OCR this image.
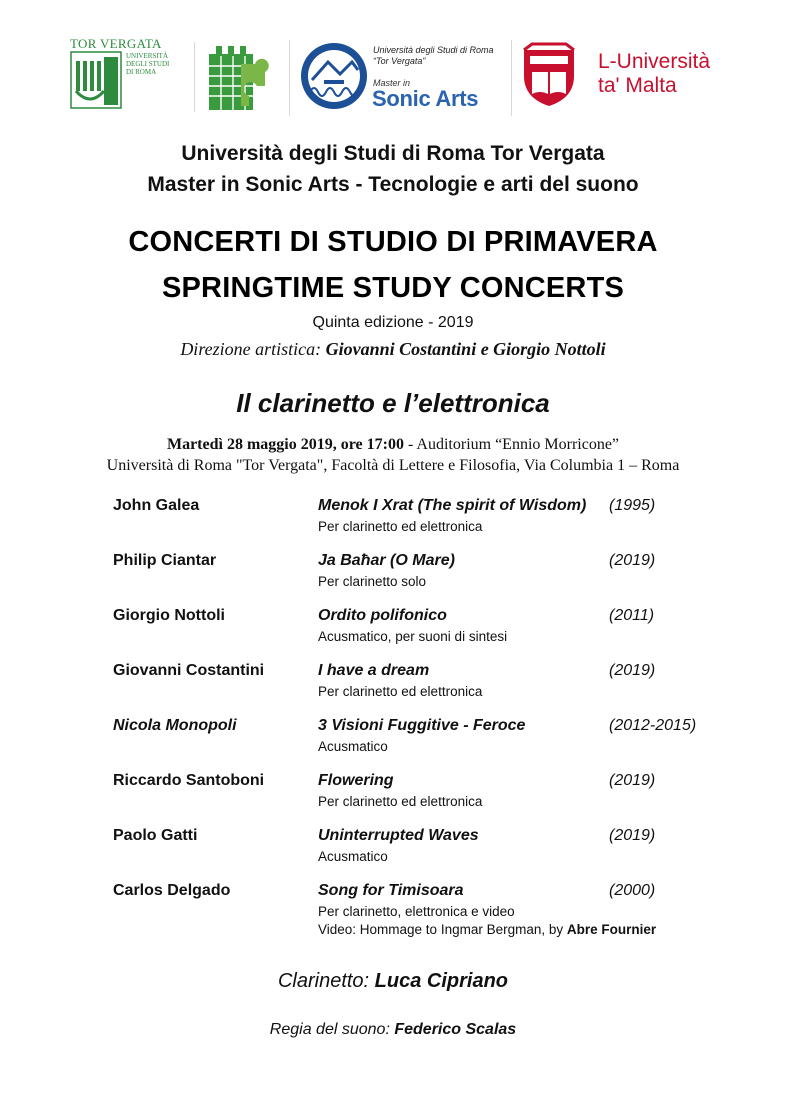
TOR VERGATA
UNIVERSITÀ
DEGLI STUDI
DI ROMA
Università degli Studi di Roma
“Tor Vergata”
Master in
Sonic Arts
L-Università
ta' Malta
Università degli Studi di Roma Tor Vergata
Master in Sonic Arts - Tecnologie e arti del suono
CONCERTI DI STUDIO DI PRIMAVERA
SPRINGTIME STUDY CONCERTS
Quinta edizione - 2019
Direzione artistica: Giovanni Costantini e Giorgio Nottoli
Il clarinetto e l’elettronica
Martedì 28 maggio 2019, ore 17:00 - Auditorium “Ennio Morricone”
Università di Roma "Tor Vergata", Facoltà di Lettere e Filosofia, Via Columbia 1 – Roma
John Galea	Menok I Xrat (The spirit of Wisdom) (1995)
Per clarinetto ed elettronica
Philip Ciantar	Ja Baħar (O Mare)	(2019)
Per clarinetto solo
Giorgio Nottoli	Ordito polifonico	(2011)
Acusmatico, per suoni di sintesi
Giovanni Costantini	I have a dream	(2019)
Per clarinetto ed elettronica
Nicola Monopoli	3 Visioni Fuggitive - Feroce	(2012-2015)
Acusmatico
Riccardo Santoboni	Flowering	(2019)
Per clarinetto ed elettronica
Paolo Gatti	Uninterrupted Waves	(2019)
Acusmatico
Carlos Delgado	Song for Timisoara	(2000)
Per clarinetto, elettronica e video
Video: Hommage to Ingmar Bergman, by Abre Fournier
Clarinetto: Luca Cipriano
Regia del suono: Federico Scalas
